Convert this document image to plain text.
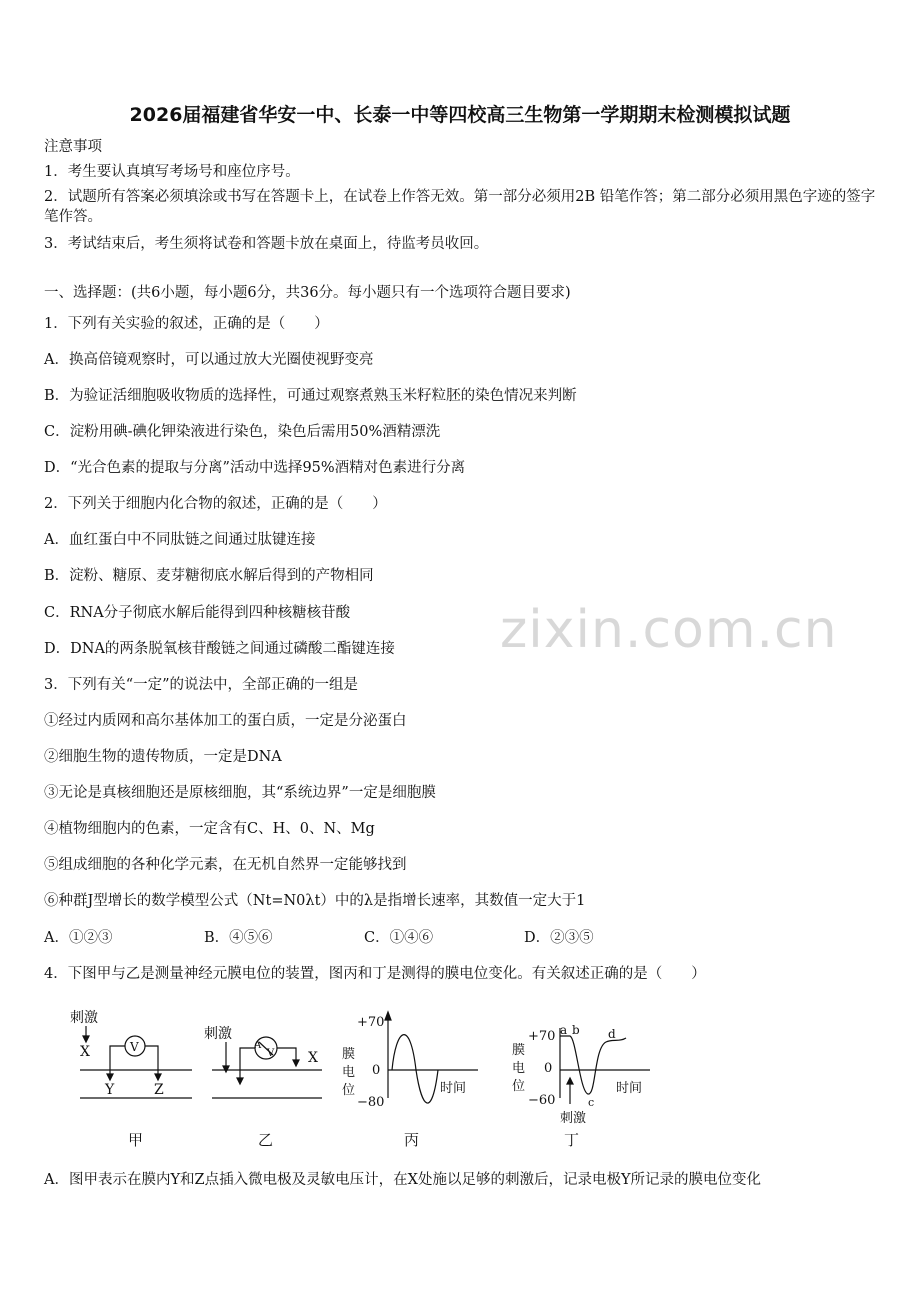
zixin.com.cn
2026届福建省华安一中、长泰一中等四校高三生物第一学期期末检测模拟试题
注意事项
1．考生要认真填写考场号和座位序号。
2．试题所有答案必须填涂或书写在答题卡上，在试卷上作答无效。第一部分必须用2B 铅笔作答；第二部分必须用黑色字迹的签字笔作答。
3．考试结束后，考生须将试卷和答题卡放在桌面上，待监考员收回。
一、选择题：(共6小题，每小题6分，共36分。每小题只有一个选项符合题目要求)
1．下列有关实验的叙述，正确的是（　　）
A．换高倍镜观察时，可以通过放大光圈使视野变亮
B．为验证活细胞吸收物质的选择性，可通过观察煮熟玉米籽粒胚的染色情况来判断
C．淀粉用碘-碘化钾染液进行染色，染色后需用50%酒精漂洗
D．“光合色素的提取与分离”活动中选择95%酒精对色素进行分离
2．下列关于细胞内化合物的叙述，正确的是（　　）
A．血红蛋白中不同肽链之间通过肽键连接
B．淀粉、糖原、麦芽糖彻底水解后得到的产物相同
C．RNA分子彻底水解后能得到四种核糖核苷酸
D．DNA的两条脱氧核苷酸链之间通过磷酸二酯键连接
3．下列有关“一定”的说法中，全部正确的一组是
①经过内质网和高尔基体加工的蛋白质，一定是分泌蛋白
②细胞生物的遗传物质，一定是DNA
③无论是真核细胞还是原核细胞，其“系统边界”一定是细胞膜
④植物细胞内的色素，一定含有C、H、0、N、Mg
⑤组成细胞的各种化学元素，在无机自然界一定能够找到
⑥种群J型增长的数学模型公式（Nt=N0λt）中的λ是指增长速率，其数值一定大于1
A．①②③	B．④⑤⑥	C．①④⑥	D．②③⑤
4．下图甲与乙是测量神经元膜电位的装置，图丙和丁是测得的膜电位变化。有关叙述正确的是（　　）
刺激
X	V
Y	Z
甲
刺激
A
V X
乙
膜
电
位
+70
0
−80
时间
丙
膜
电
位
+70
0
−60
a b
c
d
刺激
时间
丁
A．图甲表示在膜内Y和Z点插入微电极及灵敏电压计，在X处施以足够的刺激后，记录电极Y所记录的膜电位变化
